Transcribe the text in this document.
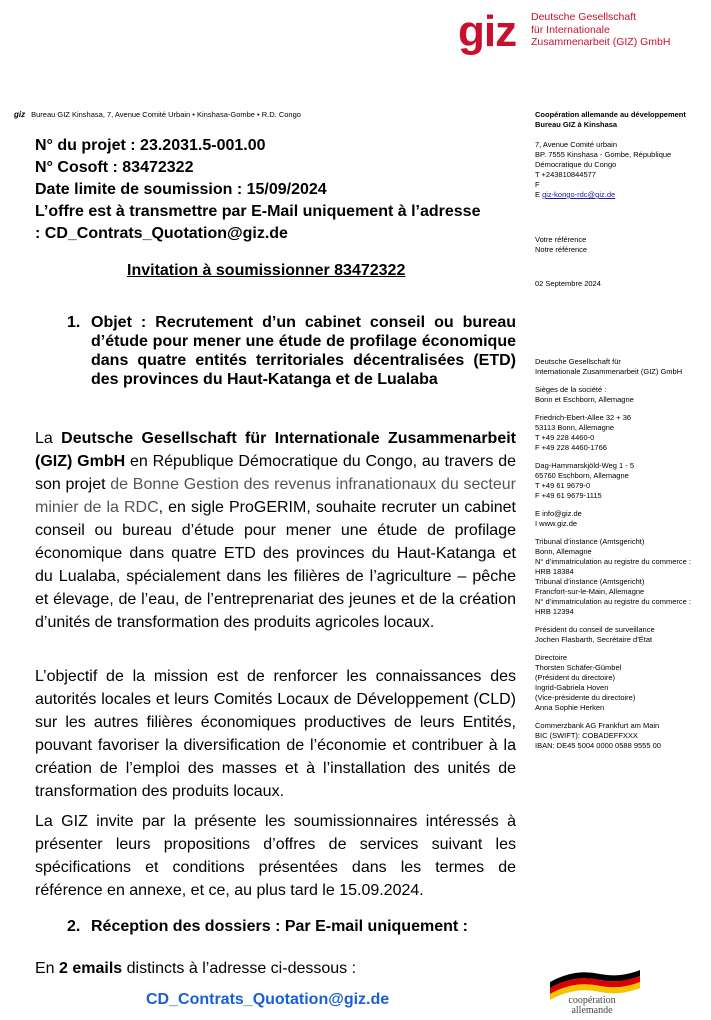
giz Deutsche Gesellschaft
für Internationale
Zusammenarbeit (GIZ) GmbH
giz Bureau GIZ Kinshasa, 7, Avenue Comité Urbain • Kinshasa-Gombe • R.D. Congo
N° du projet : 23.2031.5-001.00
N° Cosoft : 83472322
Date limite de soumission : 15/09/2024
L’offre est à transmettre par E-Mail uniquement à l’adresse
: CD_Contrats_Quotation@giz.de
Invitation à soumissionner 83472322
1. Objet : Recrutement d’un cabinet conseil ou bureau d’étude pour mener une étude de profilage économique dans quatre entités territoriales décentralisées (ETD) des provinces du Haut-Katanga et de Lualaba
La Deutsche Gesellschaft für Internationale Zusammenarbeit (GIZ) GmbH en République Démocratique du Congo, au travers de son projet de Bonne Gestion des revenus infranationaux du secteur minier de la RDC, en sigle ProGERIM, souhaite recruter un cabinet conseil ou bureau d’étude pour mener une étude de profilage économique dans quatre ETD des provinces du Haut-Katanga et du Lualaba, spécialement dans les filières de l’agriculture – pêche et élevage, de l’eau, de l’entreprenariat des jeunes et de la création d’unités de transformation des produits agricoles locaux.
L’objectif de la mission est de renforcer les connaissances des autorités locales et leurs Comités Locaux de Développement (CLD) sur les autres filières économiques productives de leurs Entités, pouvant favoriser la diversification de l’économie et contribuer à la création de l’emploi des masses et à l’installation des unités de transformation des produits locaux.
La GIZ invite par la présente les soumissionnaires intéressés à présenter leurs propositions d’offres de services suivant les spécifications et conditions présentées dans les termes de référence en annexe, et ce, au plus tard le 15.09.2024.
2. Réception des dossiers : Par E-mail uniquement :
En 2 emails distincts à l’adresse ci-dessous :
CD_Contrats_Quotation@giz.de
Coopération allemande au développement
Bureau GIZ à Kinshasa
7, Avenue Comité urbain
BP. 7555 Kinshasa - Gombe, République
Démocratique du Congo
T +243810844577
F
E giz-kongo-rdc@giz.de
Votre référence
Notre référence
02 Septembre 2024
Deutsche Gesellschaft für
Internationale Zusammenarbeit (GIZ) GmbH
Sièges de la société :
Bonn et Eschborn, Allemagne
Friedrich-Ebert-Allee 32 + 36
53113 Bonn, Allemagne
T +49 228 4460-0
F +49 228 4460-1766
Dag-Hammarskjöld-Weg 1 - 5
65760 Eschborn, Allemagne
T +49 61 9679-0
F +49 61 9679-1115
E info@giz.de
I www.giz.de
Tribunal d’instance (Amtsgericht)
Bonn, Allemagne
N° d’immatriculation au registre du commerce :
HRB 18384
Tribunal d’instance (Amtsgericht)
Francfort-sur-le-Main, Allemagne
N° d’immatriculation au registre du commerce :
HRB 12394
Président du conseil de surveillance
Jochen Flasbarth, Secrétaire d’État
Directoire
Thorsten Schäfer-Gümbel
(Président du directoire)
Ingrid-Gabriela Hoven
(Vice-présidente du directoire)
Anna Sophie Herken
Commerzbank AG Frankfurt am Main
BIC (SWIFT): COBADEFFXXX
IBAN: DE45 5004 0000 0588 9555 00
coopération
allemande
